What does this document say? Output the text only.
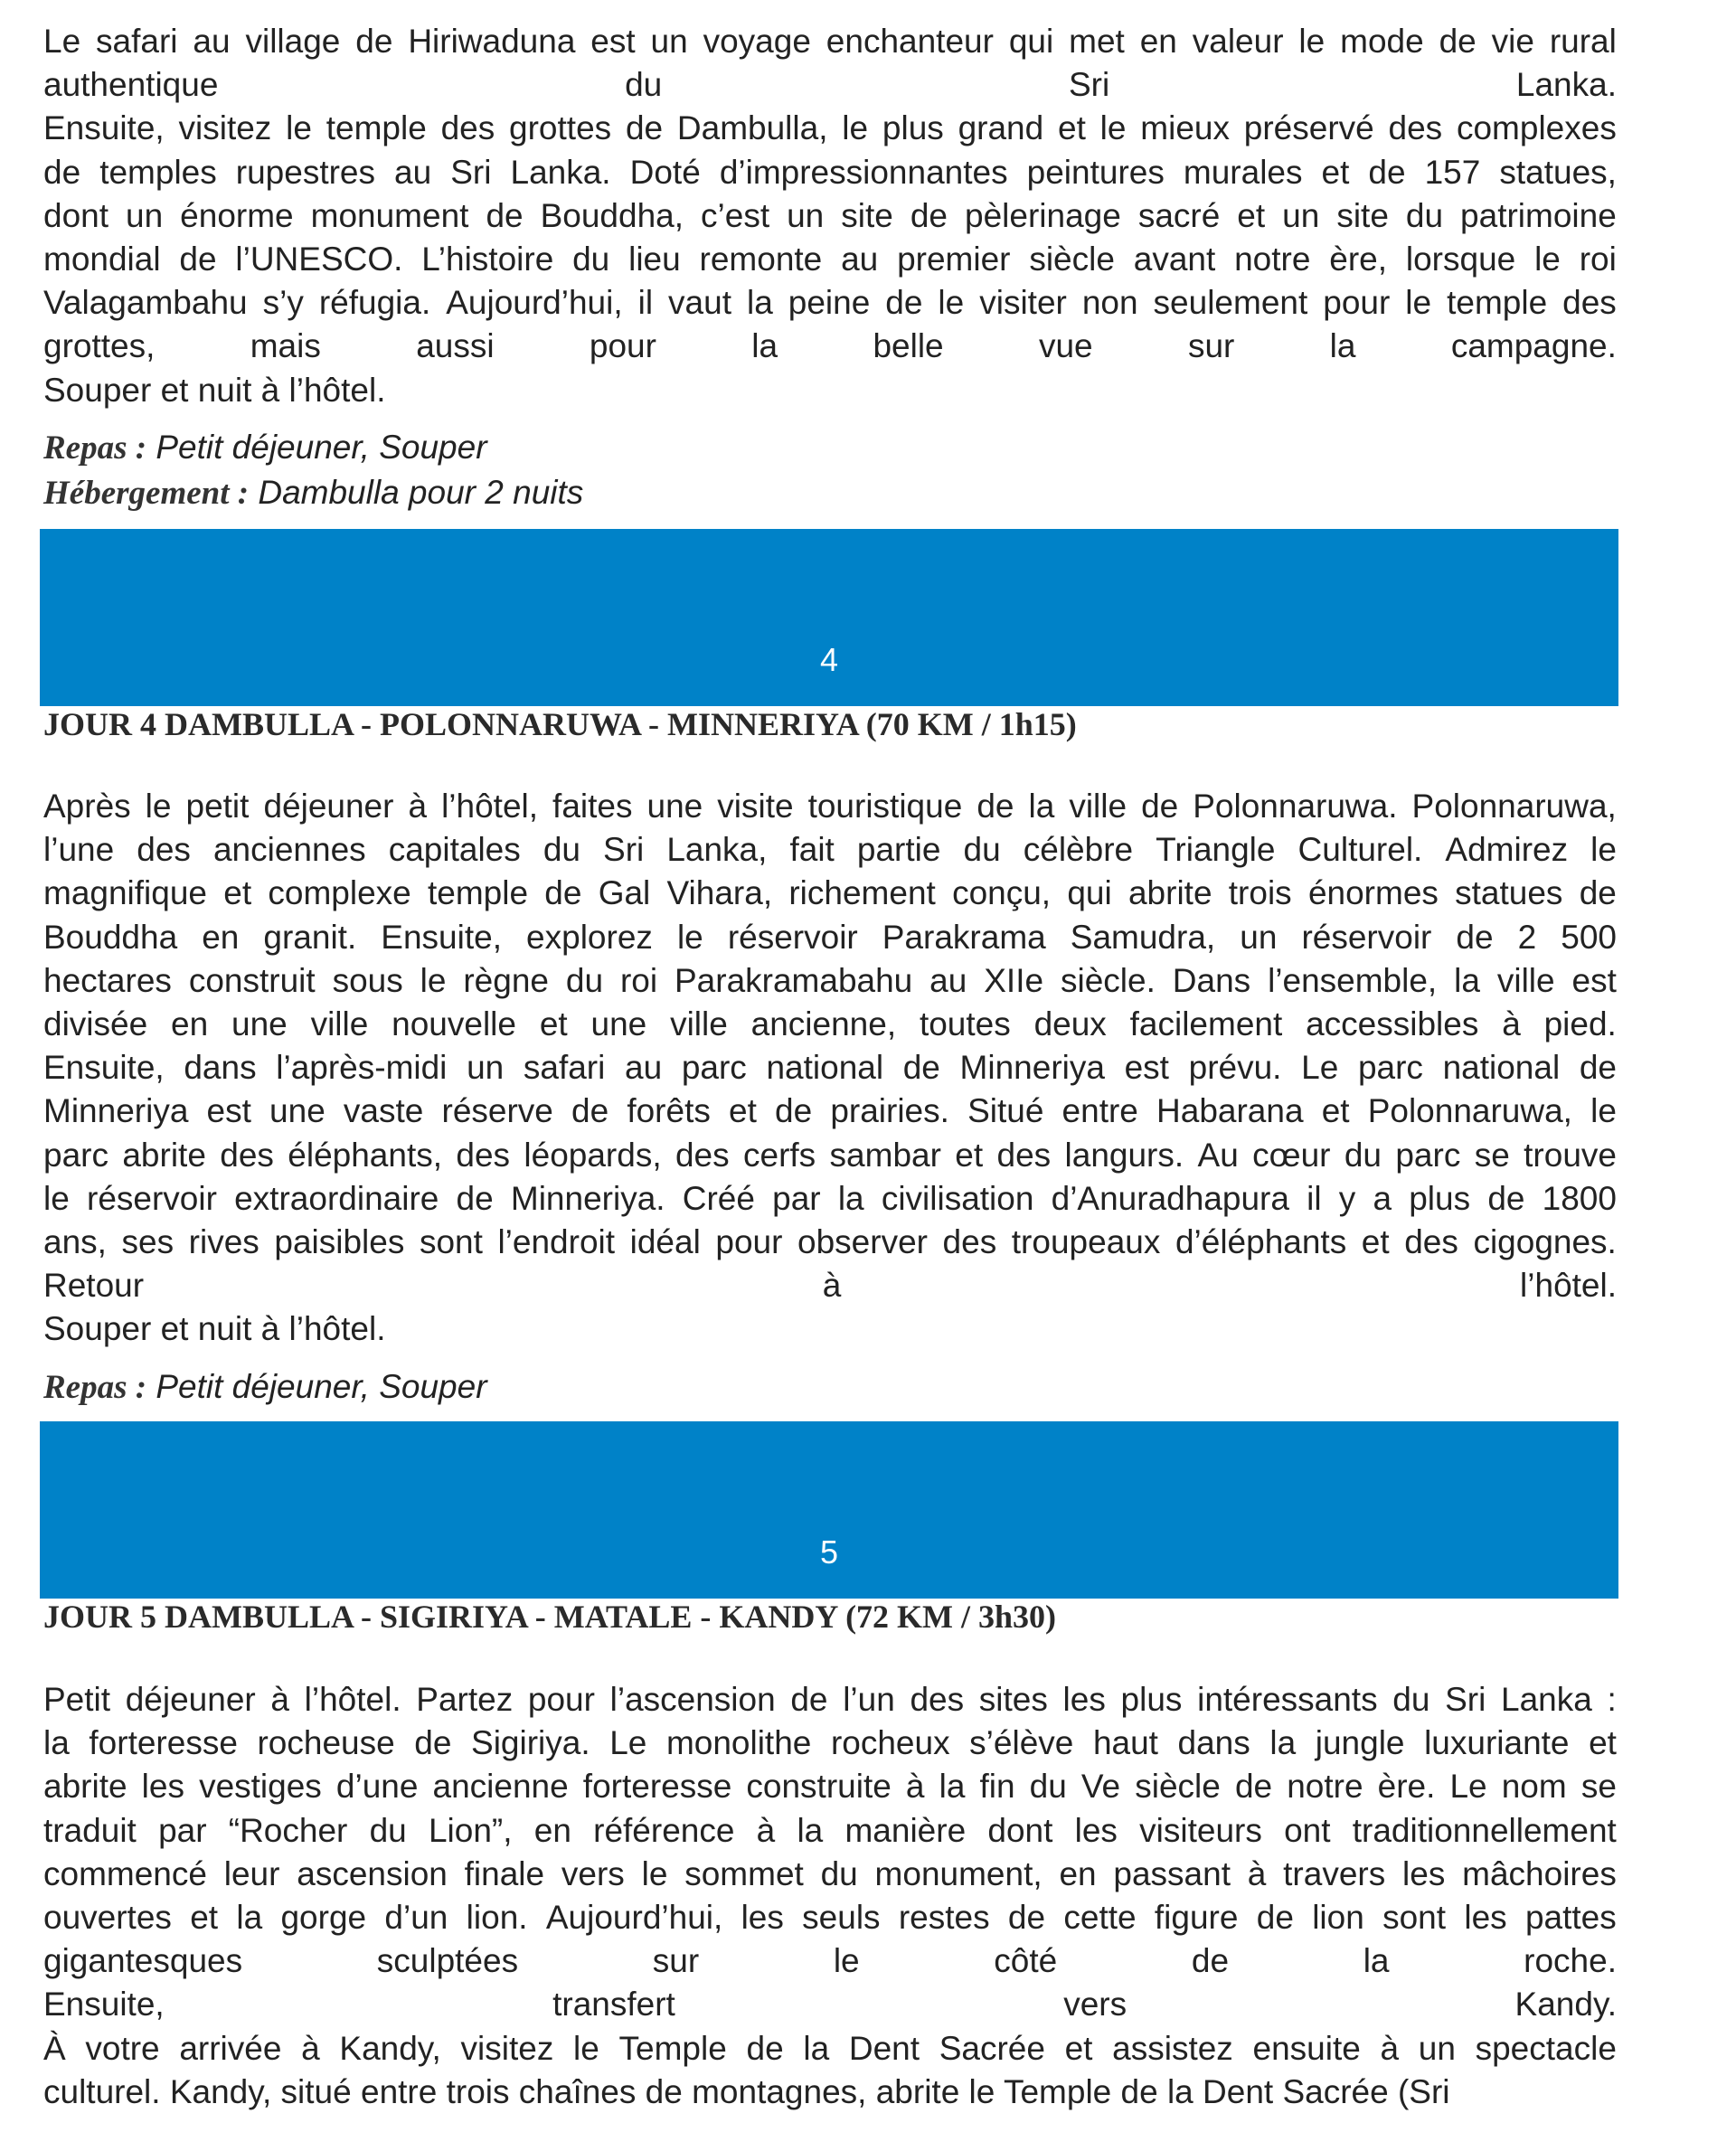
Le safari au village de Hiriwaduna est un voyage enchanteur qui met en valeur le mode de vie rural
authentique	du	Sri	Lanka.
Ensuite, visitez le temple des grottes de Dambulla, le plus grand et le mieux préservé des complexes
de temples rupestres au Sri Lanka. Doté d’impressionnantes peintures murales et de 157 statues,
dont un énorme monument de Bouddha, c’est un site de pèlerinage sacré et un site du patrimoine
mondial de l’UNESCO. L’histoire du lieu remonte au premier siècle avant notre ère, lorsque le roi
Valagambahu s’y réfugia. Aujourd’hui, il vaut la peine de le visiter non seulement pour le temple des
grottes,	mais	aussi	pour	la	belle	vue	sur	la	campagne.
Souper et nuit à l’hôtel.

Repas : Petit déjeuner, Souper

Hébergement : Dambulla pour 2 nuits

4
JOUR 4 DAMBULLA - POLONNARUWA - MINNERIYA (70 KM / 1h15)
Après le petit déjeuner à l’hôtel, faites une visite touristique de la ville de Polonnaruwa. Polonnaruwa,
l’une des anciennes capitales du Sri Lanka, fait partie du célèbre Triangle Culturel. Admirez le
magnifique et complexe temple de Gal Vihara, richement conçu, qui abrite trois énormes statues de
Bouddha en granit. Ensuite, explorez le réservoir Parakrama Samudra, un réservoir de 2 500
hectares construit sous le règne du roi Parakramabahu au XIIe siècle. Dans l’ensemble, la ville est
divisée en une ville nouvelle et une ville ancienne, toutes deux facilement accessibles à pied.
Ensuite, dans l’après-midi un safari au parc national de Minneriya est prévu. Le parc national de
Minneriya est une vaste réserve de forêts et de prairies. Situé entre Habarana et Polonnaruwa, le
parc abrite des éléphants, des léopards, des cerfs sambar et des langurs. Au cœur du parc se trouve
le réservoir extraordinaire de Minneriya. Créé par la civilisation d’Anuradhapura il y a plus de 1800
ans, ses rives paisibles sont l’endroit idéal pour observer des troupeaux d’éléphants et des cigognes.
Retour	à	l’hôtel.
Souper et nuit à l’hôtel.

Repas : Petit déjeuner, Souper

5
JOUR 5 DAMBULLA - SIGIRIYA - MATALE - KANDY (72 KM / 3h30)
Petit déjeuner à l’hôtel. Partez pour l’ascension de l’un des sites les plus intéressants du Sri Lanka :
la forteresse rocheuse de Sigiriya. Le monolithe rocheux s’élève haut dans la jungle luxuriante et
abrite les vestiges d’une ancienne forteresse construite à la fin du Ve siècle de notre ère. Le nom se
traduit par “Rocher du Lion”, en référence à la manière dont les visiteurs ont traditionnellement
commencé leur ascension finale vers le sommet du monument, en passant à travers les mâchoires
ouvertes et la gorge d’un lion. Aujourd’hui, les seuls restes de cette figure de lion sont les pattes
gigantesques	sculptées	sur	le	côté	de	la	roche.
Ensuite,	transfert	vers	Kandy.
À votre arrivée à Kandy, visitez le Temple de la Dent Sacrée et assistez ensuite à un spectacle
culturel. Kandy, situé entre trois chaînes de montagnes, abrite le Temple de la Dent Sacrée (Sri
